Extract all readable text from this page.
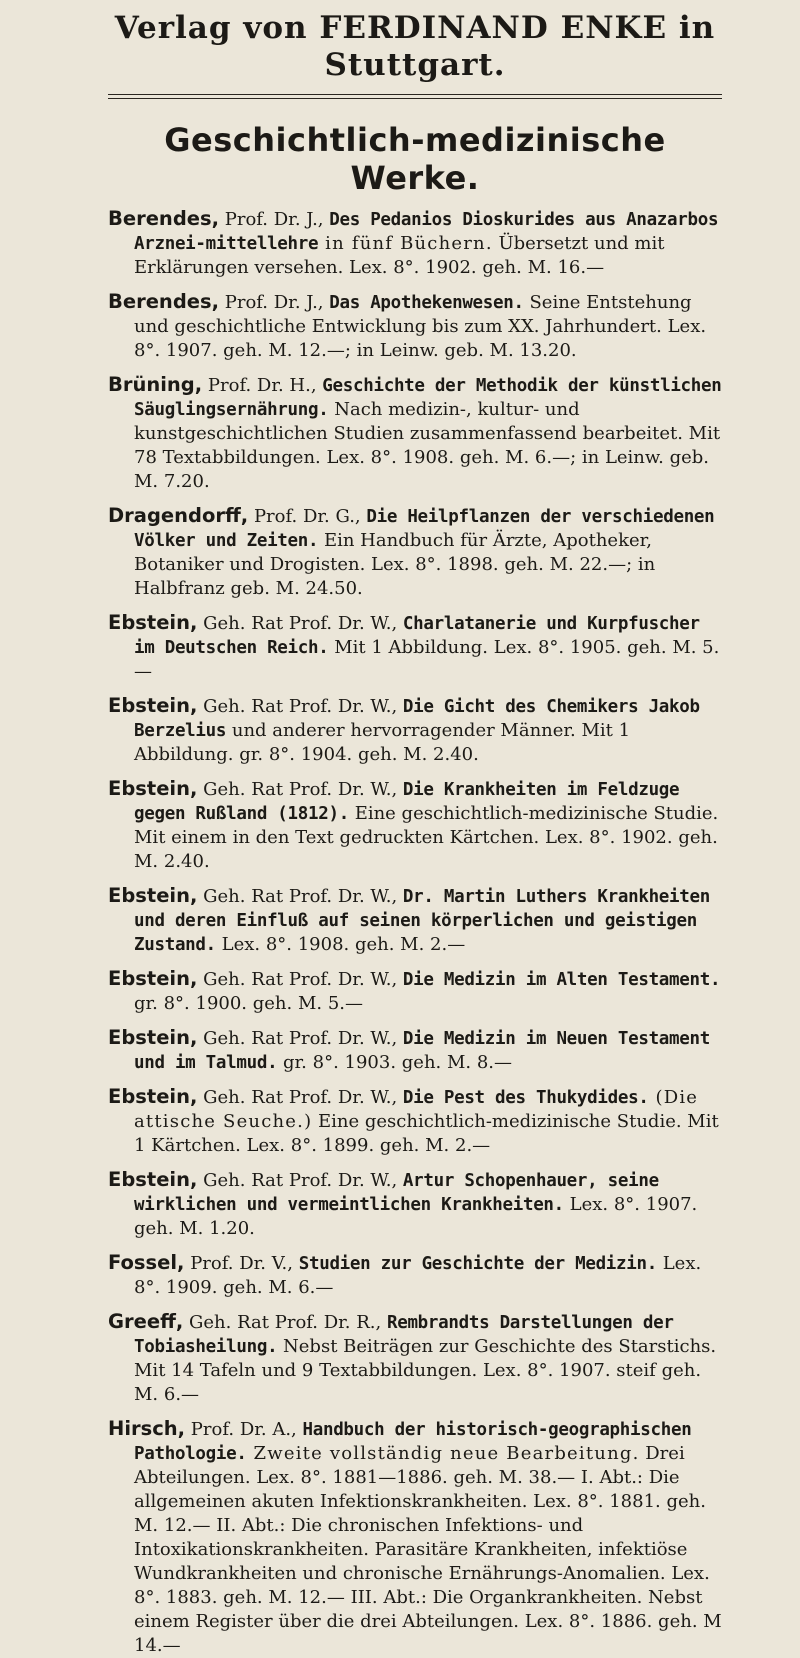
Verlag von FERDINAND ENKE in Stuttgart.
Geschichtlich-medizinische Werke.
Berendes, Prof. Dr. J., Des Pedanios Dioskurides aus Anazarbos Arznei-mittellehre in fünf Büchern. Übersetzt und mit Erklärungen versehen. Lex. 8°. 1902. geh. M. 16.—
Berendes, Prof. Dr. J., Das Apothekenwesen. Seine Entstehung und geschichtliche Entwicklung bis zum XX. Jahrhundert. Lex. 8°. 1907. geh. M. 12.—; in Leinw. geb. M. 13.20.
Brüning, Prof. Dr. H., Geschichte der Methodik der künstlichen Säuglingsernährung. Nach medizin-, kultur- und kunstgeschichtlichen Studien zusammenfassend bearbeitet. Mit 78 Textabbildungen. Lex. 8°. 1908. geh. M. 6.—; in Leinw. geb. M. 7.20.
Dragendorff, Prof. Dr. G., Die Heilpflanzen der verschiedenen Völker und Zeiten. Ein Handbuch für Ärzte, Apotheker, Botaniker und Drogisten. Lex. 8°. 1898. geh. M. 22.—; in Halbfranz geb. M. 24.50.
Ebstein, Geh. Rat Prof. Dr. W., Charlatanerie und Kurpfuscher im Deutschen Reich. Mit 1 Abbildung. Lex. 8°. 1905. geh. M. 5.—
Ebstein, Geh. Rat Prof. Dr. W., Die Gicht des Chemikers Jakob Berzelius und anderer hervorragender Männer. Mit 1 Abbildung. gr. 8°. 1904. geh. M. 2.40.
Ebstein, Geh. Rat Prof. Dr. W., Die Krankheiten im Feldzuge gegen Rußland (1812). Eine geschichtlich-medizinische Studie. Mit einem in den Text gedruckten Kärtchen. Lex. 8°. 1902. geh. M. 2.40.
Ebstein, Geh. Rat Prof. Dr. W., Dr. Martin Luthers Krankheiten und deren Einfluß auf seinen körperlichen und geistigen Zustand. Lex. 8°. 1908. geh. M. 2.—
Ebstein, Geh. Rat Prof. Dr. W., Die Medizin im Alten Testament. gr. 8°. 1900. geh. M. 5.—
Ebstein, Geh. Rat Prof. Dr. W., Die Medizin im Neuen Testament und im Talmud. gr. 8°. 1903. geh. M. 8.—
Ebstein, Geh. Rat Prof. Dr. W., Die Pest des Thukydides. (Die attische Seuche.) Eine geschichtlich-medizinische Studie. Mit 1 Kärtchen. Lex. 8°. 1899. geh. M. 2.—
Ebstein, Geh. Rat Prof. Dr. W., Artur Schopenhauer, seine wirklichen und vermeintlichen Krankheiten. Lex. 8°. 1907. geh. M. 1.20.
Fossel, Prof. Dr. V., Studien zur Geschichte der Medizin. Lex. 8°. 1909. geh. M. 6.—
Greeff, Geh. Rat Prof. Dr. R., Rembrandts Darstellungen der Tobiasheilung. Nebst Beiträgen zur Geschichte des Starstichs. Mit 14 Tafeln und 9 Textabbildungen. Lex. 8°. 1907. steif geh. M. 6.—
Hirsch, Prof. Dr. A., Handbuch der historisch-geographischen Pathologie. Zweite vollständig neue Bearbeitung. Drei Abteilungen. Lex. 8°. 1881—1886. geh. M. 38.— I. Abt.: Die allgemeinen akuten Infektionskrankheiten. Lex. 8°. 1881. geh. M. 12.— II. Abt.: Die chronischen Infektions- und Intoxikationskrankheiten. Parasitäre Krankheiten, infektiöse Wundkrankheiten und chronische Ernährungs-Anomalien. Lex. 8°. 1883. geh. M. 12.— III. Abt.: Die Organkrankheiten. Nebst einem Register über die drei Abteilungen. Lex. 8°. 1886. geh. M 14.—
